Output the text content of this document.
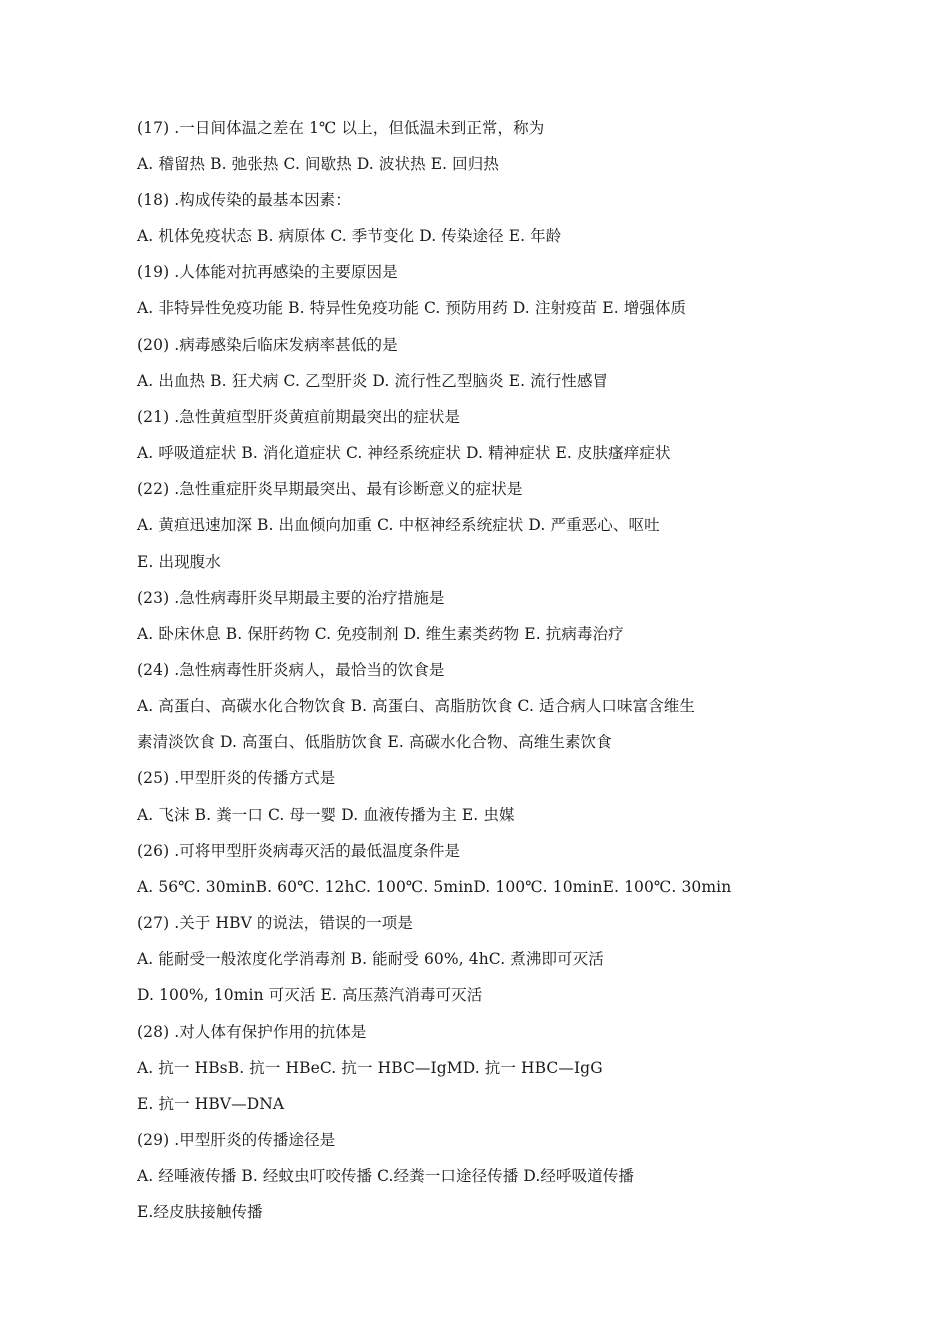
(17) .一日间体温之差在 1℃ 以上，但低温未到正常，称为
A. 稽留热 B. 弛张热 C. 间歇热 D. 波状热 E. 回归热
(18) .构成传染的最基本因素：
A. 机体免疫状态 B. 病原体 C. 季节变化 D. 传染途径 E. 年龄
(19) .人体能对抗再感染的主要原因是
A. 非特异性免疫功能 B. 特异性免疫功能 C. 预防用药 D. 注射疫苗 E. 增强体质
(20) .病毒感染后临床发病率甚低的是
A. 出血热 B. 狂犬病 C. 乙型肝炎 D. 流行性乙型脑炎 E. 流行性感冒
(21) .急性黄疸型肝炎黄疸前期最突出的症状是
A. 呼吸道症状 B. 消化道症状 C. 神经系统症状 D. 精神症状 E. 皮肤瘙痒症状
(22) .急性重症肝炎早期最突出、最有诊断意义的症状是
A. 黄疸迅速加深 B. 出血倾向加重 C. 中枢神经系统症状 D. 严重恶心、呕吐
E. 出现腹水
(23) .急性病毒肝炎早期最主要的治疗措施是
A. 卧床休息 B. 保肝药物 C. 免疫制剂 D. 维生素类药物 E. 抗病毒治疗
(24) .急性病毒性肝炎病人，最恰当的饮食是
A. 高蛋白、高碳水化合物饮食 B. 高蛋白、高脂肪饮食 C. 适合病人口味富含维生
素清淡饮食 D. 高蛋白、低脂肪饮食 E. 高碳水化合物、高维生素饮食
(25) .甲型肝炎的传播方式是
A. 飞沫 B. 粪一口 C. 母一婴 D. 血液传播为主 E. 虫媒
(26) .可将甲型肝炎病毒灭活的最低温度条件是
A. 56℃. 30minB. 60℃. 12hC. 100℃. 5minD. 100℃. 10minE. 100℃. 30min
(27) .关于 HBV 的说法，错误的一项是
A. 能耐受一般浓度化学消毒剂 B. 能耐受 60%, 4hC. 煮沸即可灭活
D. 100%, 10min 可灭活 E. 高压蒸汽消毒可灭活
(28) .对人体有保护作用的抗体是
A. 抗一 HBsB. 抗一 HBeC. 抗一 HBC—IgMD. 抗一 HBC—IgG
E. 抗一 HBV—DNA
(29) .甲型肝炎的传播途径是
A. 经唾液传播 B. 经蚊虫叮咬传播 C.经粪一口途径传播 D.经呼吸道传播
E.经皮肤接触传播
